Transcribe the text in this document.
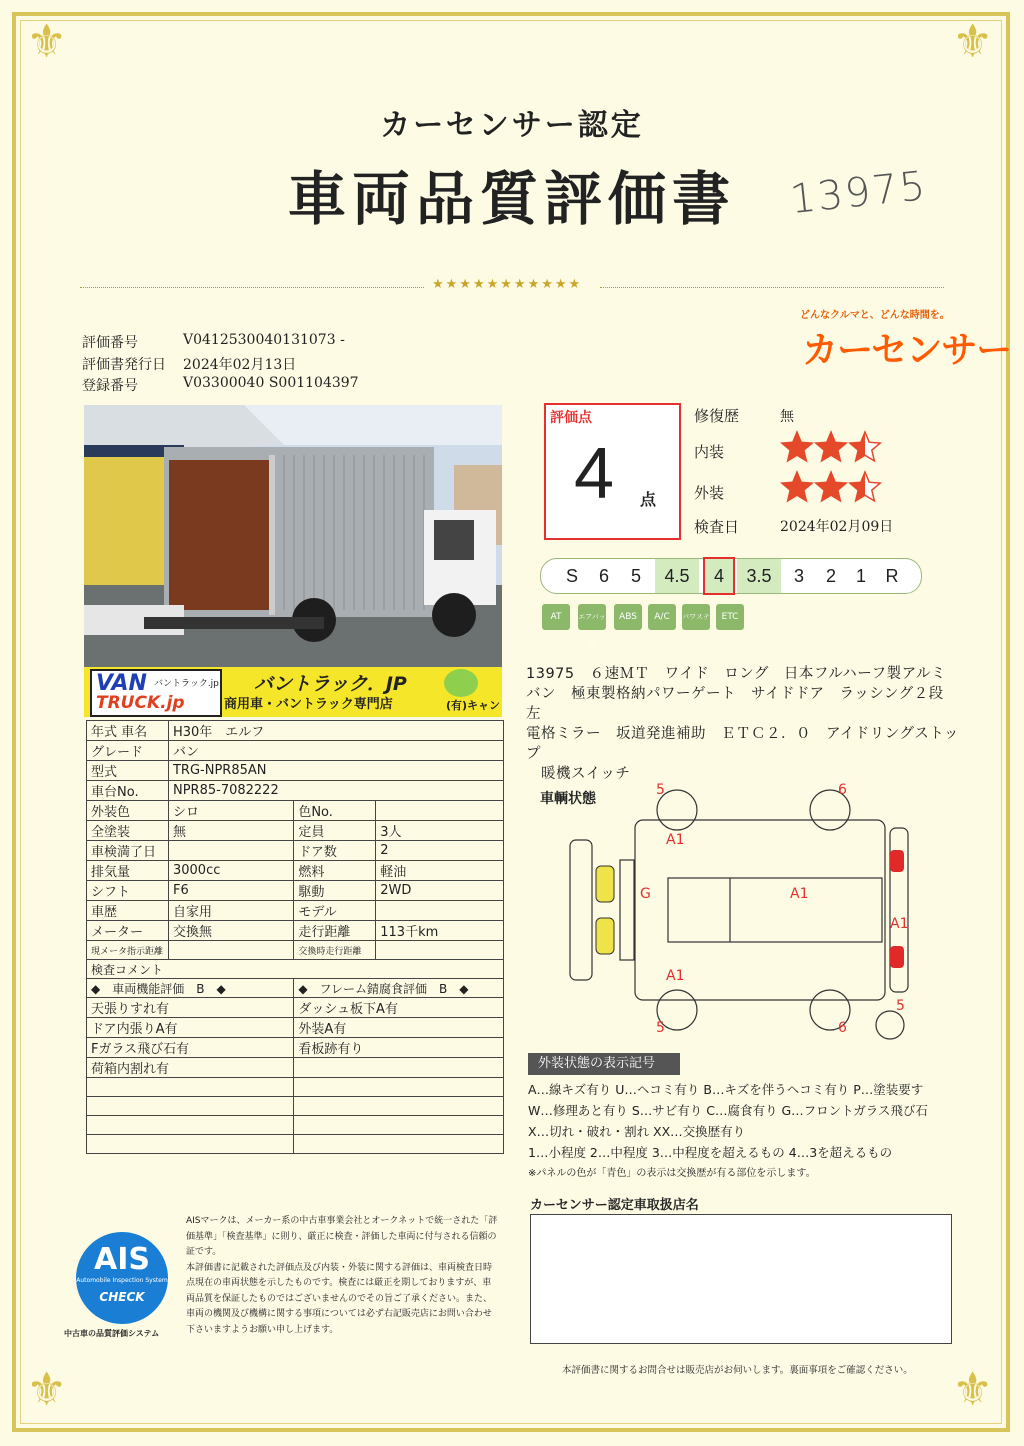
⚜	⚜
⚜	⚜
カーセンサー認定
車両品質評価書	13975
★★★★★★★★★★★
どんなクルマと、どんな時間を。
カーセンサー
評価番号	V0412530040131073 -
評価書発行日 2024年02月13日
登録番号	V03300040 S001104397
VAN バントラック.jp
TRUCK.jp
バントラック．JP
商用車・バントラック専門店	(有)キャン
年式 車名	H30年　エルフ		
グレード	バン		
型式	TRG-NPR85AN		
車台No.	NPR85-7082222		
外装色	シロ	色No.	
全塗装	無	定員	3人
車検満了日		ドア数	2
排気量	3000cc	燃料	軽油
シフト	F6	駆動	2WD
車歴	自家用	モデル	
メーター	交換無	走行距離	113千km
現メータ指示距離		交換時走行距離	
検査コメント			
◆　車両機能評価　B　◆		◆　フレーム錆腐食評価　B　◆	
天張りすれ有		ダッシュ板下A有	
ドア内張りA有		外装A有	
Fガラス飛び石有		看板跡有り	
荷箱内割れ有			

評価点
4 点
修復歴	無
内装
外装
検査日	2024年02月09日
S	6	5	4.5	4	3.5	3	2	1	R
AT	エアバッグ
ABS	A/C	パワステ	ETC
13975　６速ＭＴ　ワイド　ロング　日本フルハーフ製アルミ
バン　極東製格納パワーゲート　サイドドア　ラッシング２段　左
電格ミラー　坂道発進補助　ＥＴＣ２．０　アイドリングストップ
　暖機スイッチ
車輌状態
5	6
A1
G	A1
A1
A1
5	6
5
外装状態の表示記号
A…線キズ有り U…ヘコミ有り B…キズを伴うヘコミ有り P…塗装要す
W…修理あと有り S…サビ有り C…腐食有り G…フロントガラス飛び石
X…切れ・破れ・割れ XX…交換歴有り
1…小程度 2…中程度 3…中程度を超えるもの 4…3を超えるもの
※パネルの色が「青色」の表示は交換歴が有る部位を示します。
カーセンサー認定車取扱店名
AIS
Automobile Inspection System
CHECK
中古車の品質評価システム
AISマークは、メーカー系の中古車事業会社とオークネットで統一された「評価基準」「検査基準」に則り、厳正に検査・評価した車両に付与される信頼の証です。
本評価書に記載された評価点及び内装・外装に関する評価は、車両検査日時点現在の車両状態を示したものです。検査には厳正を期しておりますが、車両品質を保証したものではございませんのでその旨ご了承ください。また、車両の機関及び機構に関する事項については必ず右記販売店にお問い合わせ下さいますようお願い申し上げます。
本評価書に関するお問合せは販売店がお伺いします。裏面事項をご確認ください。
